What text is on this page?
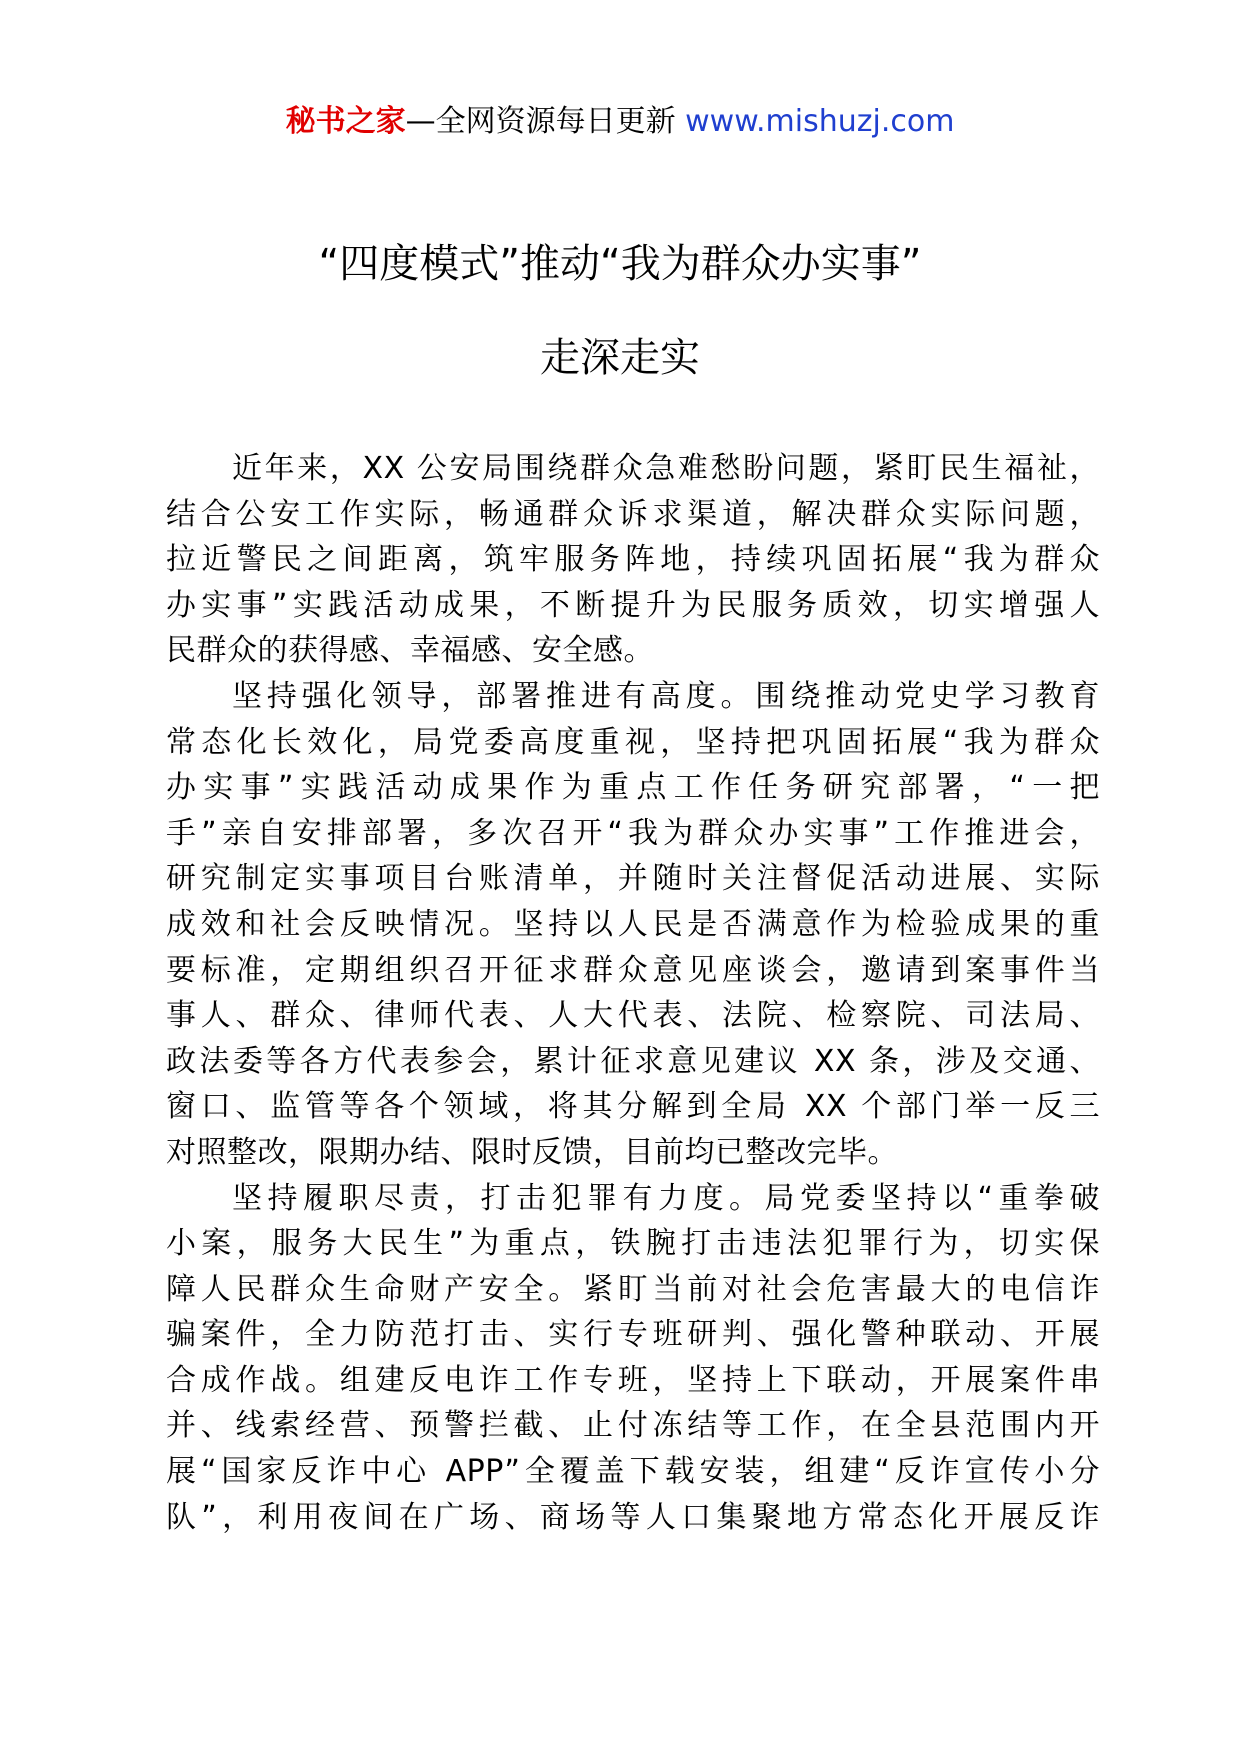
秘书之家—全网资源每日更新 www.mishuzj.com
“四度模式”推动“我为群众办实事”
走深走实
近年来，XX 公安局围绕群众急难愁盼问题，紧盯民生福祉，
结合公安工作实际，畅通群众诉求渠道，解决群众实际问题，
拉近警民之间距离，筑牢服务阵地，持续巩固拓展“我为群众
办实事”实践活动成果，不断提升为民服务质效，切实增强人
民群众的获得感、幸福感、安全感。
坚持强化领导，部署推进有高度。围绕推动党史学习教育
常态化长效化，局党委高度重视，坚持把巩固拓展“我为群众
办实事”实践活动成果作为重点工作任务研究部署，“一把
手”亲自安排部署，多次召开“我为群众办实事”工作推进会，
研究制定实事项目台账清单，并随时关注督促活动进展、实际
成效和社会反映情况。坚持以人民是否满意作为检验成果的重
要标准，定期组织召开征求群众意见座谈会，邀请到案事件当
事人、群众、律师代表、人大代表、法院、检察院、司法局、
政法委等各方代表参会，累计征求意见建议 XX 条，涉及交通、
窗口、监管等各个领域，将其分解到全局 XX 个部门举一反三
对照整改，限期办结、限时反馈，目前均已整改完毕。
坚持履职尽责，打击犯罪有力度。局党委坚持以“重拳破
小案，服务大民生”为重点，铁腕打击违法犯罪行为，切实保
障人民群众生命财产安全。紧盯当前对社会危害最大的电信诈
骗案件，全力防范打击、实行专班研判、强化警种联动、开展
合成作战。组建反电诈工作专班，坚持上下联动，开展案件串
并、线索经营、预警拦截、止付冻结等工作，在全县范围内开
展“国家反诈中心 APP”全覆盖下载安装，组建“反诈宣传小分
队”，利用夜间在广场、商场等人口集聚地方常态化开展反诈
